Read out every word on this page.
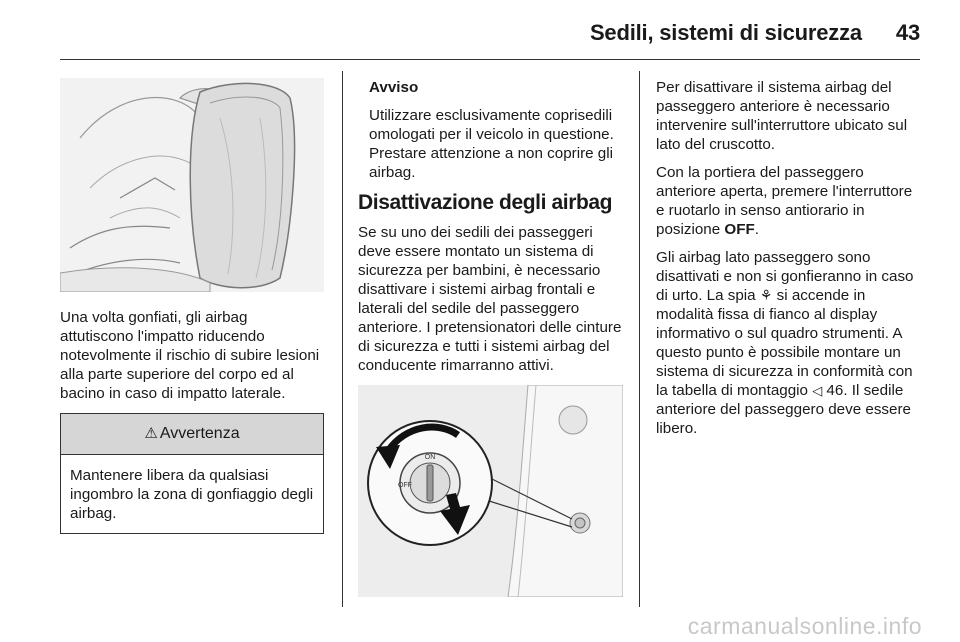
Sedili, sistemi di sicurezza 43

Una volta gonfiati, gli airbag attutiscono l'impatto riducendo notevolmente il rischio di subire lesioni alla parte superiore del corpo ed al bacino in caso di impatto laterale.

⚠ Avvertenza

Mantenere libera da qualsiasi ingombro la zona di gonfiaggio degli airbag.

Avviso

Utilizzare esclusivamente coprisedili omologati per il veicolo in questione. Prestare attenzione a non coprire gli airbag.

Disattivazione degli airbag

Se su uno dei sedili dei passeggeri deve essere montato un sistema di sicurezza per bambini, è necessario disattivare i sistemi airbag frontali e laterali del sedile del passeggero anteriore. I pretensionatori delle cinture di sicurezza e tutti i sistemi airbag del conducente rimarranno attivi.

ON
OFF

Per disattivare il sistema airbag del passeggero anteriore è necessario intervenire sull'interruttore ubicato sul lato del cruscotto.

Con la portiera del passeggero anteriore aperta, premere l'interruttore e ruotarlo in senso antiorario in posizione OFF.

Gli airbag lato passeggero sono disattivati e non si gonfieranno in caso di urto. La spia ⚘ si accende in modalità fissa di fianco al display informativo o sul quadro strumenti. A questo punto è possibile montare un sistema di sicurezza in conformità con la tabella di montaggio ◁ 46. Il sedile anteriore del passeggero deve essere libero.

carmanualsonline.info
